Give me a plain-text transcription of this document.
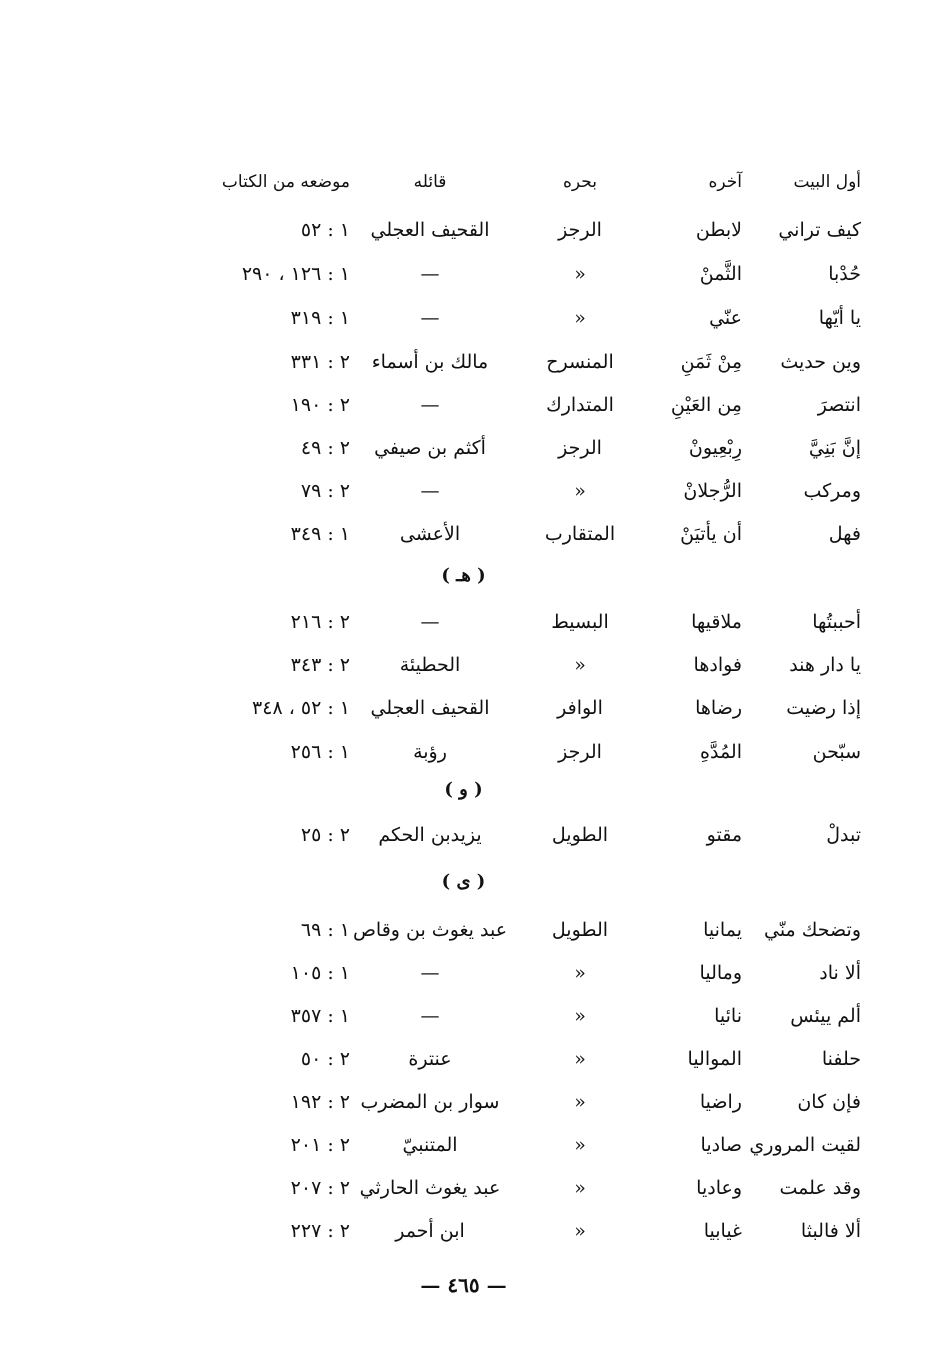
أول البيت
آخره
بحره
قائله
موضعه من الكتاب
كيف تراني
لابطن
الرجز
القحيف العجلي
١ : ٥٢
حُدْبا
الثَّمنْ
«
—
١ : ١٢٦ ، ٢٩٠
يا أيّها
عنّي
«
—
١ : ٣١٩
وين حديث
مِنْ ثَمَنِ
المنسرح
مالك بن أسماء
٢ : ٣٣١
انتصرَ
مِن العَيْنِ
المتدارك
—
٢ : ١٩٠
إنَّ بَنِيَّ
رِبْعِيونْ
الرجز
أكثم بن صيفي
٢ : ٤٩
ومركب
الرُّجلانْ
«
—
٢ : ٧٩
فهل
أن يأتيَنْ
المتقارب
الأعشى
١ : ٣٤٩
( هـ )
أحببتُها
ملاقيها
البسيط
—
٢ : ٢١٦
يا دار هند
فوادها
«
الحطيئة
٢ : ٣٤٣
إذا رضيت
رضاها
الوافر
القحيف العجلي
١ : ٥٢ ، ٣٤٨
سبّحن
المُدَّهِ
الرجز
رؤبة
١ : ٢٥٦
( و )
تبدلْ
مقتو
الطويل
يزيدبن الحكم
٢ : ٢٥
( ى )
وتضحك منّي
يمانيا
الطويل
عبد يغوث بن وقاص
١ : ٦٩
ألا ناد
وماليا
«
—
١ : ١٠٥
ألم ييئس
نائيا
«
—
١ : ٣٥٧
حلفنا
المواليا
«
عنترة
٢ : ٥٠
فإن كان
راضيا
«
سوار بن المضرب
٢ : ١٩٢
لقيت المروري
صاديا
«
المتنبيّ
٢ : ٢٠١
وقد علمت
وعاديا
«
عبد يغوث الحارثي
٢ : ٢٠٧
ألا فالبثا
غيابيا
«
ابن أحمر
٢ : ٢٢٧
— ٤٦٥ —
